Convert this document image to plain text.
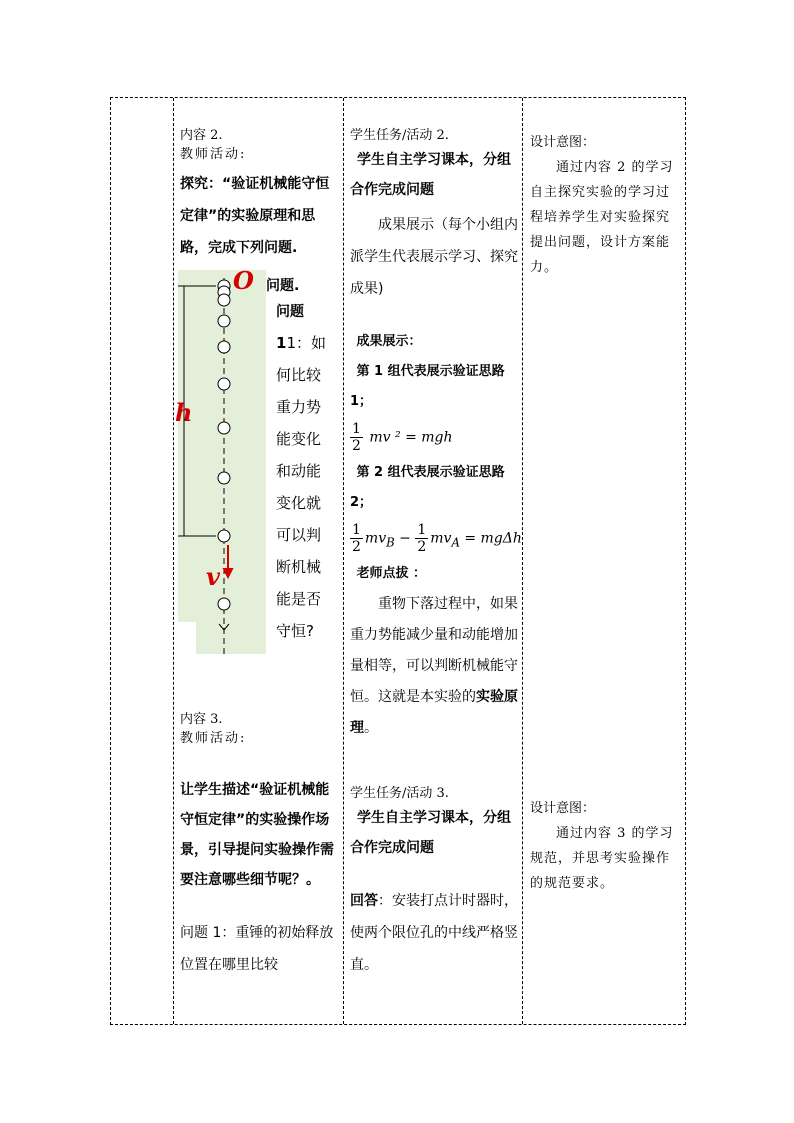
内容 2.
教师活动:
探究：“验证机械能守恒定律”的实验原理和思路，完成下列问题.
O
h
v
问题.
问题
11：如何比较重力势能变化和动能变化就可以判断机械能是否守恒?
内容 3.
教师活动:
让学生描述“验证机械能守恒定律”的实验操作场景，引导提问实验操作需要注意哪些细节呢？。
问题 1：重锤的初始释放位置在哪里比较
学生任务/活动 2.
学生自主学习课本，分组合作完成问题
成果展示（每个小组内派学生代表展示学习、探究成果)
成果展示：
第 1 组代表展示验证思路 1；
$\frac{1}{2}$ mv ² = mgh
第 2 组代表展示验证思路 2；
$\frac{1}{2} mv_B - \frac{1}{2} mv_A = mg\Delta h$
老师点拔 ：
重物下落过程中，如果重力势能减少量和动能增加量相等，可以判断机械能守恒。这就是本实验的实验原理。
学生任务/活动 3.
学生自主学习课本，分组合作完成问题
回答：安装打点计时器时，使两个限位孔的中线严格竖直。
设计意图：
通过内容 2 的学习自主探究实验的学习过程培养学生对实验探究提出问题，设计方案能力。
设计意图：
通过内容 3 的学习规范，并思考实验操作的规范要求。
